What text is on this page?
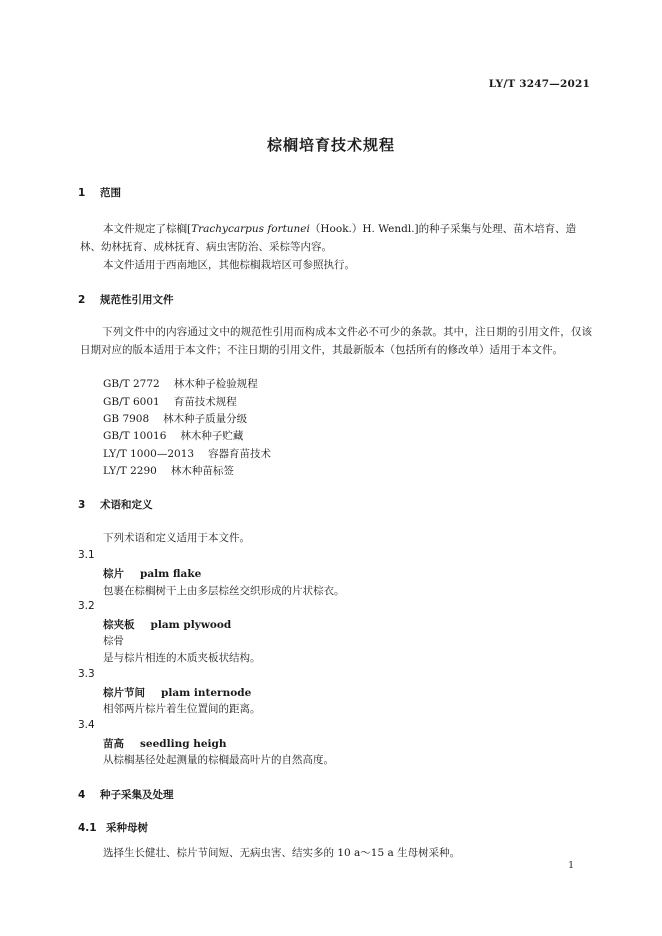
LY/T 3247—2021
棕榈培育技术规程
1 范围
本文件规定了棕榈[Trachycarpus fortunei（Hook.）H. Wendl.]的种子采集与处理、苗木培育、造
林、幼林抚育、成林抚育、病虫害防治、采棕等内容。
本文件适用于西南地区，其他棕榈栽培区可参照执行。
2 规范性引用文件
下列文件中的内容通过文中的规范性引用而构成本文件必不可少的条款。其中，注日期的引用文件，仅该日期对应的版本适用于本文件；不注日期的引用文件，其最新版本（包括所有的修改单）适用于本文件。
GB/T 2772 林木种子检验规程
GB/T 6001 育苗技术规程
GB 7908 林木种子质量分级
GB/T 10016 林木种子贮藏
LY/T 1000—2013 容器育苗技术
LY/T 2290 林木种苗标签
3 术语和定义
下列术语和定义适用于本文件。
3.1
棕片 palm flake
包裹在棕榈树干上由多层棕丝交织形成的片状棕衣。
3.2
棕夹板 plam plywood
棕骨
是与棕片相连的木质夹板状结构。
3.3
棕片节间 plam internode
相邻两片棕片着生位置间的距离。
3.4
苗高 seedling heigh
从棕榈基径处起测量的棕榈最高叶片的自然高度。
4 种子采集及处理
4.1 采种母树
选择生长健壮、棕片节间短、无病虫害、结实多的 10 a～15 a 生母树采种。
1
